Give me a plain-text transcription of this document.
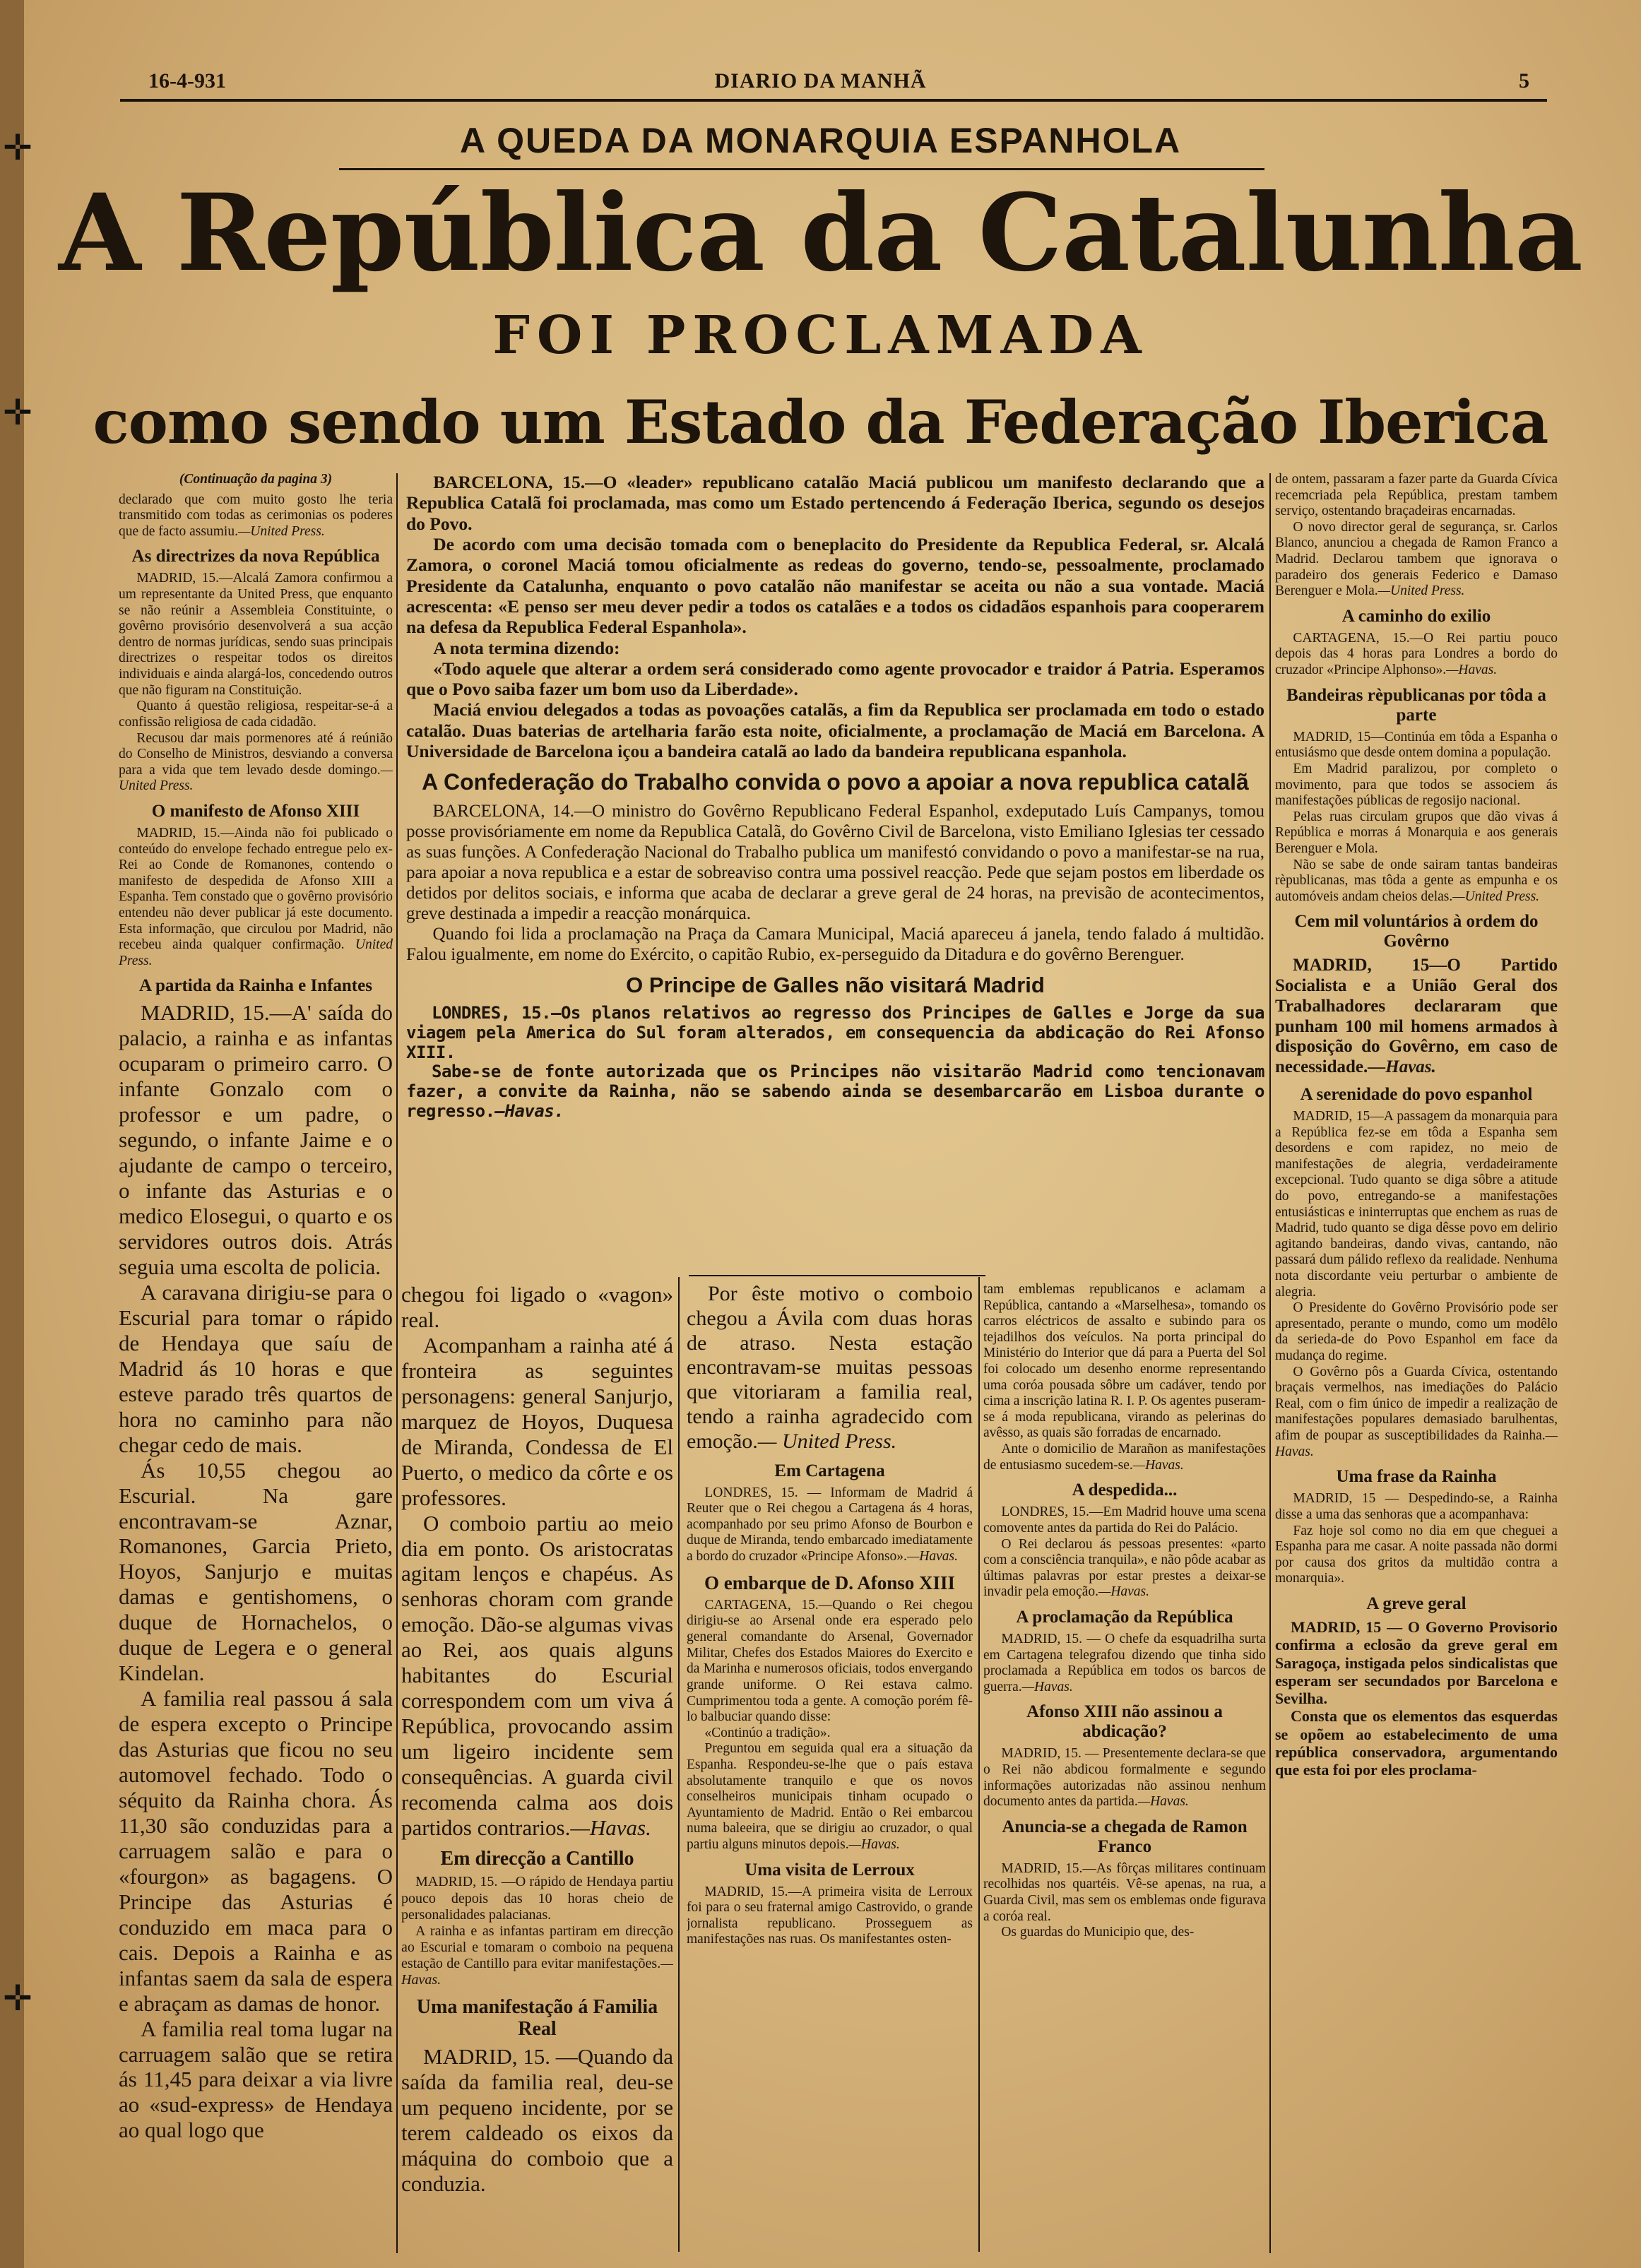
✛
✛
✛
16-4-931	DIARIO DA MANHÃ	5
A QUEDA DA MONARQUIA ESPANHOLA
A República da Catalunha
FOI PROCLAMADA
como sendo um Estado da Federação Iberica

(Continuação da pagina 3)

declarado que com muito gosto lhe teria transmitido com todas as cerimonias os poderes que de facto assumiu.—United Press.

As directrizes da nova República

MADRID, 15.—Alcalá Zamora confirmou a um representante da United Press, que enquanto se não reúnir a Assembleia Constituinte, o govêrno provisório desenvolverá a sua acção dentro de normas jurídicas, sendo suas principais directrizes o respeitar todos os direitos individuais e ainda alargá-los, concedendo outros que não figuram na Constituição.

Quanto á questão religiosa, respeitar-se-á a confissão religiosa de cada cidadão.

Recusou dar mais pormenores até á reúnião do Conselho de Ministros, desviando a conversa para a vida que tem levado desde domingo.—United Press.

O manifesto de Afonso XIII

MADRID, 15.—Ainda não foi publicado o conteúdo do envelope fechado entregue pelo ex-Rei ao Conde de Romanones, contendo o manifesto de despedida de Afonso XIII a Espanha. Tem constado que o govêrno provisório entendeu não dever publicar já este documento. Esta informação, que circulou por Madrid, não recebeu ainda qualquer confirmação. United Press.

A partida da Rainha e Infantes

MADRID, 15.—A' saída do palacio, a rainha e as infantas ocuparam o primeiro carro. O infante Gonzalo com o professor e um padre, o segundo, o infante Jaime e o ajudante de campo o terceiro, o infante das Asturias e o medico Elosegui, o quarto e os servidores outros dois. Atrás seguia uma escolta de policia.

A caravana dirigiu-se para o Escurial para tomar o rápido de Hendaya que saíu de Madrid ás 10 horas e que esteve parado três quartos de hora no caminho para não chegar cedo de mais.

Ás 10,55 chegou ao Escurial. Na gare encontravam-se Aznar, Romanones, Garcia Prieto, Hoyos, Sanjurjo e muitas damas e gentishomens, o duque de Hornachelos, o duque de Legera e o general Kindelan.

A familia real passou á sala de espera excepto o Principe das Asturias que ficou no seu automovel fechado. Todo o séquito da Rainha chora. Ás 11,30 são conduzidas para a carruagem salão e para o «fourgon» as bagagens. O Principe das Asturias é conduzido em maca para o cais. Depois a Rainha e as infantas saem da sala de espera e abraçam as damas de honor.

A familia real toma lugar na carruagem salão que se retira ás 11,45 para deixar a via livre ao «sud-express» de Hendaya ao qual logo que

BARCELONA, 15.—O «leader» republicano catalão Maciá publicou um manifesto declarando que a Republica Catalã foi proclamada, mas como um Estado pertencendo á Federação Iberica, segundo os desejos do Povo.

De acordo com uma decisão tomada com o beneplacito do Presidente da Republica Federal, sr. Alcalá Zamora, o coronel Maciá tomou oficialmente as redeas do governo, tendo-se, pessoalmente, proclamado Presidente da Catalunha, enquanto o povo catalão não manifestar se aceita ou não a sua vontade. Maciá acrescenta: «E penso ser meu dever pedir a todos os catalães e a todos os cidadãos espanhois para cooperarem na defesa da Republica Federal Espanhola».

A nota termina dizendo:

«Todo aquele que alterar a ordem será considerado como agente provocador e traidor á Patria. Esperamos que o Povo saiba fazer um bom uso da Liberdade».

Maciá enviou delegados a todas as povoações catalãs, a fim da Republica ser proclamada em todo o estado catalão. Duas baterias de artelharia farão esta noite, oficialmente, a proclamação de Maciá em Barcelona. A Universidade de Barcelona içou a bandeira catalã ao lado da bandeira republicana espanhola.

A Confederação do Trabalho convida o povo a apoiar a nova republica catalã

BARCELONA, 14.—O ministro do Govêrno Republicano Federal Espanhol, exdeputado Luís Campanys, tomou posse provisóriamente em nome da Republica Catalã, do Govêrno Civil de Barcelona, visto Emiliano Iglesias ter cessado as suas funções. A Confederação Nacional do Trabalho publica um manifestó convidando o povo a manifestar-se na rua, para apoiar a nova republica e a estar de sobreaviso contra uma possivel reacção. Pede que sejam postos em liberdade os detidos por delitos sociais, e informa que acaba de declarar a greve geral de 24 horas, na previsão de acontecimentos, greve destinada a impedir a reacção monárquica.

Quando foi lida a proclamação na Praça da Camara Municipal, Maciá apareceu á janela, tendo falado á multidão. Falou igualmente, em nome do Exército, o capitão Rubio, ex-perseguido da Ditadura e do govêrno Berenguer.

O Principe de Galles não visitará Madrid

LONDRES, 15.—Os planos relativos ao regresso dos Principes de Galles e Jorge da sua viagem pela America do Sul foram alterados, em consequencia da abdicação do Rei Afonso XIII.

Sabe-se de fonte autorizada que os Principes não visitarão Madrid como tencionavam fazer, a convite da Rainha, não se sabendo ainda se desembarcarão em Lisboa durante o regresso.—Havas.

chegou foi ligado o «vagon» real.

Acompanham a rainha até á fronteira as seguintes personagens: general Sanjurjo, marquez de Hoyos, Duquesa de Miranda, Condessa de El Puerto, o medico da côrte e os professores.

O comboio partiu ao meio dia em ponto. Os aristocratas agitam lenços e chapéus. As senhoras choram com grande emoção. Dão-se algumas vivas ao Rei, aos quais alguns habitantes do Escurial correspondem com um viva á República, provocando assim um ligeiro incidente sem consequências. A guarda civil recomenda calma aos dois partidos contrarios.—Havas.

Em direcção a Cantillo

MADRID, 15. —O rápido de Hendaya partiu pouco depois das 10 horas cheio de personalidades palacianas.

A rainha e as infantas partiram em direcção ao Escurial e tomaram o comboio na pequena estação de Cantillo para evitar manifestações.—Havas.

Uma manifestação á Familia Real

MADRID, 15. —Quando da saída da familia real, deu-se um pequeno incidente, por se terem caldeado os eixos da máquina do comboio que a conduzia.

Por êste motivo o comboio chegou a Ávila com duas horas de atraso. Nesta estação encontravam-se muitas pessoas que vitoriaram a familia real, tendo a rainha agradecido com emoção.— United Press.

Em Cartagena

LONDRES, 15. — Informam de Madrid á Reuter que o Rei chegou a Cartagena ás 4 horas, acompanhado por seu primo Afonso de Bourbon e duque de Miranda, tendo embarcado imediatamente a bordo do cruzador «Principe Afonso».—Havas.

O embarque de D. Afonso XIII

CARTAGENA, 15.—Quando o Rei chegou dirigiu-se ao Arsenal onde era esperado pelo general comandante do Arsenal, Governador Militar, Chefes dos Estados Maiores do Exercito e da Marinha e numerosos oficiais, todos envergando grande uniforme. O Rei estava calmo. Cumprimentou toda a gente. A comoção porém fê-lo balbuciar quando disse:

«Continúo a tradição».

Preguntou em seguida qual era a situação da Espanha. Respondeu-se-lhe que o país estava absolutamente tranquilo e que os novos conselheiros municipais tinham ocupado o Ayuntamiento de Madrid. Então o Rei embarcou numa baleeira, que se dirigiu ao cruzador, o qual partiu alguns minutos depois.—Havas.

Uma visita de Lerroux

MADRID, 15.—A primeira visita de Lerroux foi para o seu fraternal amigo Castrovido, o grande jornalista republicano. Prosseguem as manifestações nas ruas. Os manifestantes osten-

tam emblemas republicanos e aclamam a República, cantando a «Marselhesa», tomando os carros eléctricos de assalto e subindo para os tejadilhos dos veículos. Na porta principal do Ministério do Interior que dá para a Puerta del Sol foi colocado um desenho enorme representando uma coróa pousada sôbre um cadáver, tendo por cima a inscrição latina R. I. P. Os agentes puseram-se á moda republicana, virando as pelerinas do avêsso, as quais são forradas de encarnado.

Ante o domicilio de Marañon as manifestações de entusiasmo sucedem-se.—Havas.

A despedida...

LONDRES, 15.—Em Madrid houve uma scena comovente antes da partida do Rei do Palácio.

O Rei declarou ás pessoas presentes: «parto com a consciência tranquila», e não pôde acabar as últimas palavras por estar prestes a deixar-se invadir pela emoção.—Havas.

A proclamação da República

MADRID, 15. — O chefe da esquadrilha surta em Cartagena telegrafou dizendo que tinha sido proclamada a República em todos os barcos de guerra.—Havas.

Afonso XIII não assinou a abdicação?

MADRID, 15. — Presentemente declara-se que o Rei não abdicou formalmente e segundo informações autorizadas não assinou nenhum documento antes da partida.—Havas.

Anuncia-se a chegada de Ramon Franco

MADRID, 15.—As fôrças militares continuam recolhidas nos quartéis. Vê-se apenas, na rua, a Guarda Civil, mas sem os emblemas onde figurava a coróa real.

Os guardas do Municipio que, des-

de ontem, passaram a fazer parte da Guarda Cívica recemcriada pela República, prestam tambem serviço, ostentando braçadeiras encarnadas.

O novo director geral de segurança, sr. Carlos Blanco, anunciou a chegada de Ramon Franco a Madrid. Declarou tambem que ignorava o paradeiro dos generais Federico e Damaso Berenguer e Mola.—United Press.

A caminho do exilio

CARTAGENA, 15.—O Rei partiu pouco depois das 4 horas para Londres a bordo do cruzador «Principe Alphonso».—Havas.

Bandeiras rèpublicanas por tôda a parte

MADRID, 15—Continúa em tôda a Espanha o entusiásmo que desde ontem domina a população.

Em Madrid paralizou, por completo o movimento, para que todos se associem ás manifestações públicas de regosijo nacional.

Pelas ruas circulam grupos que dão vivas á República e morras á Monarquia e aos generais Berenguer e Mola.

Não se sabe de onde sairam tantas bandeiras rèpublicanas, mas tôda a gente as empunha e os automóveis andam cheios delas.—United Press.

Cem mil voluntários à ordem do Govêrno

MADRID, 15—O Partido Socialista e a União Geral dos Trabalhadores declararam que punham 100 mil homens armados à disposição do Govêrno, em caso de necessidade.—Havas.

A serenidade do povo espanhol

MADRID, 15—A passagem da monarquia para a República fez-se em tôda a Espanha sem desordens e com rapidez, no meio de manifestações de alegria, verdadeiramente excepcional. Tudo quanto se diga sôbre a atitude do povo, entregando-se a manifestações entusiásticas e ininterruptas que enchem as ruas de Madrid, tudo quanto se diga dêsse povo em delirio agitando bandeiras, dando vivas, cantando, não passará dum pálido reflexo da realidade. Nenhuma nota discordante veiu perturbar o ambiente de alegria.

O Presidente do Govêrno Provisório pode ser apresentado, perante o mundo, como um modêlo da serieda-de do Povo Espanhol em face da mudança do regime.

O Govêrno pôs a Guarda Cívica, ostentando braçais vermelhos, nas imediações do Palácio Real, com o fim único de impedir a realização de manifestações populares demasiado barulhentas, afim de poupar as susceptibilidades da Rainha.—Havas.

Uma frase da Rainha

MADRID, 15 — Despedindo-se, a Rainha disse a uma das senhoras que a acompanhava:

Faz hoje sol como no dia em que cheguei a Espanha para me casar. A noite passada não dormi por causa dos gritos da multidão contra a monarquia».

A greve geral

MADRID, 15 — O Governo Provisorio confirma a eclosão da greve geral em Saragoça, instigada pelos sindicalistas que esperam ser secundados por Barcelona e Sevilha.

Consta que os elementos das esquerdas se opõem ao estabelecimento de uma república conservadora, argumentando que esta foi por eles proclama-
